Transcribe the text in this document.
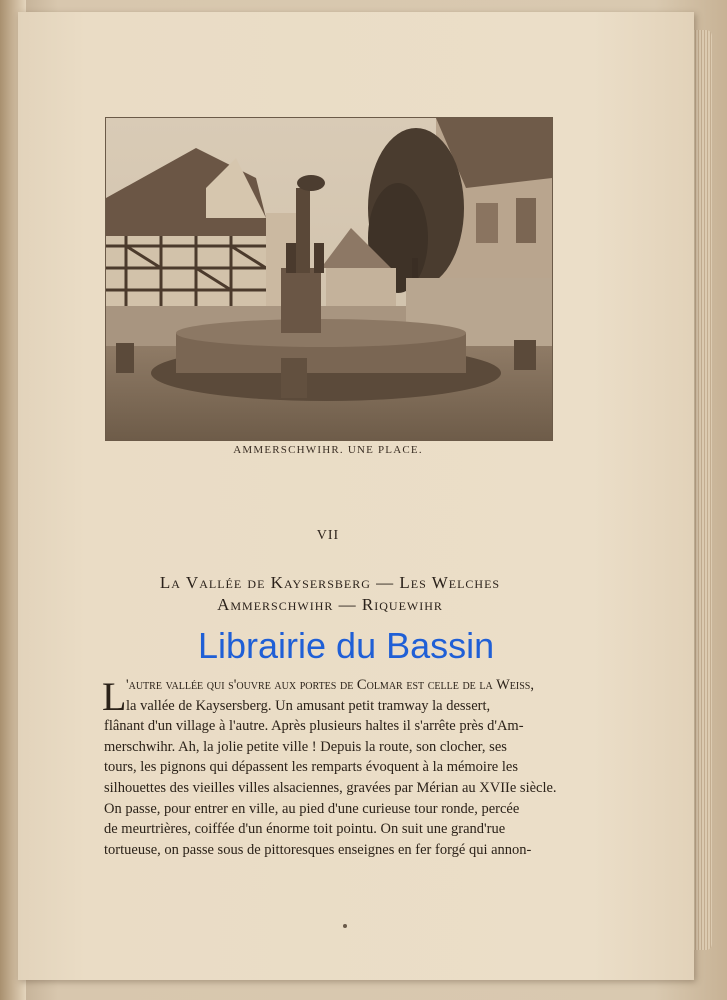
AMMERSCHWIHR. UNE PLACE.
VII
La Vallée de Kaysersberg — Les Welches
Ammerschwihr — Riquewihr
Librairie du Bassin
L 'autre vallée qui s'ouvre aux portes de Colmar est celle de la Weiss,
la vallée de Kaysersberg. Un amusant petit tramway la dessert,
flânant d'un village à l'autre. Après plusieurs haltes il s'arrête près d'Am-
merschwihr. Ah, la jolie petite ville ! Depuis la route, son clocher, ses
tours, les pignons qui dépassent les remparts évoquent à la mémoire les
silhouettes des vieilles villes alsaciennes, gravées par Mérian au XVIIe siècle.
On passe, pour entrer en ville, au pied d'une curieuse tour ronde, percée
de meurtrières, coiffée d'un énorme toit pointu. On suit une grand'rue
tortueuse, on passe sous de pittoresques enseignes en fer forgé qui annon-
